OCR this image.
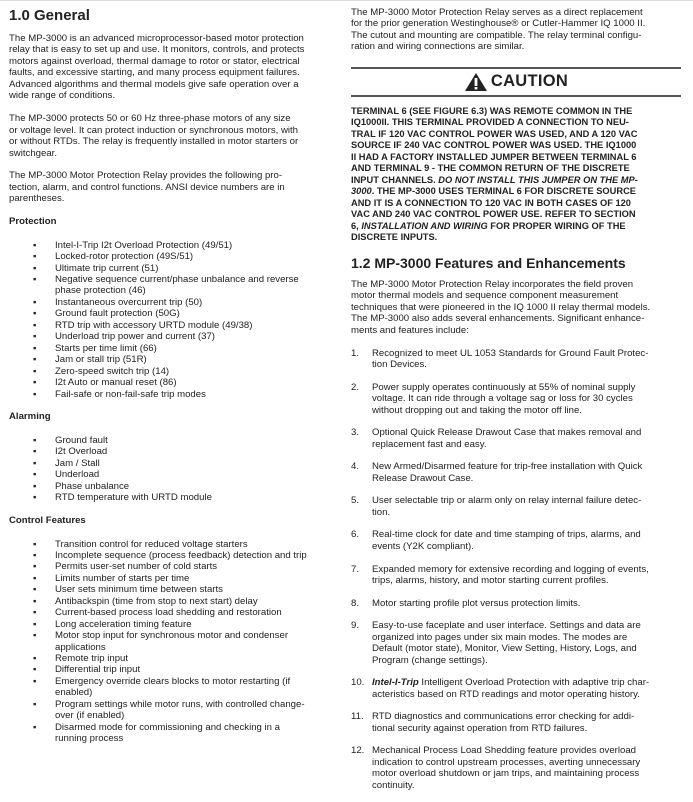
1.0 General

The MP-3000 is an advanced microprocessor-based motor protection
relay that is easy to set up and use. It monitors, controls, and protects
motors against overload, thermal damage to rotor or stator, electrical
faults, and excessive starting, and many process equipment failures.
Advanced algorithms and thermal models give safe operation over a
wide range of conditions.

The MP-3000 protects 50 or 60 Hz three-phase motors of any size
or voltage level. It can protect induction or synchronous motors, with
or without RTDs. The relay is frequently installed in motor starters or
switchgear.

The MP-3000 Motor Protection Relay provides the following pro-
tection, alarm, and control functions. ANSI device numbers are in
parentheses.

Protection
▪ Intel-I-Trip I2t Overload Protection (49/51)
▪ Locked-rotor protection (49S/51)
▪ Ultimate trip current (51)
▪ Negative sequence current/phase unbalance and reverse
phase protection (46)
▪ Instantaneous overcurrent trip (50)
▪ Ground fault protection (50G)
▪ RTD trip with accessory URTD module (49/38)
▪ Underload trip power and current (37)
▪ Starts per time limit (66)
▪ Jam or stall trip (51R)
▪ Zero-speed switch trip (14)
▪ I2t Auto or manual reset (86)
▪ Fail-safe or non-fail-safe trip modes
Alarming
▪ Ground fault
▪ I2t Overload
▪ Jam / Stall
▪ Underload
▪ Phase unbalance
▪ RTD temperature with URTD module
Control Features
▪ Transition control for reduced voltage starters
▪ Incomplete sequence (process feedback) detection and trip
▪ Permits user-set number of cold starts
▪ Limits number of starts per time
▪ User sets minimum time between starts
▪ Antibackspin (time from stop to next start) delay
▪ Current-based process load shedding and restoration
▪ Long acceleration timing feature
▪ Motor stop input for synchronous motor and condenser
applications
▪ Remote trip input
▪ Differential trip input
▪ Emergency override clears blocks to motor restarting (if
enabled)
▪ Program settings while motor runs, with controlled change-
over (if enabled)
▪ Disarmed mode for commissioning and checking in a
running process

The MP-3000 Motor Protection Relay serves as a direct replacement
for the prior generation Westinghouse® or Cutler-Hammer IQ 1000 II.
The cutout and mounting are compatible. The relay terminal configu-
ration and wiring connections are similar.

CAUTION
TERMINAL 6 (SEE FIGURE 6.3) WAS REMOTE COMMON IN THE
IQ1000II. THIS TERMINAL PROVIDED A CONNECTION TO NEU-
TRAL IF 120 VAC CONTROL POWER WAS USED, AND A 120 VAC
SOURCE IF 240 VAC CONTROL POWER WAS USED. THE IQ1000
II HAD A FACTORY INSTALLED JUMPER BETWEEN TERMINAL 6
AND TERMINAL 9 - THE COMMON RETURN OF THE DISCRETE
INPUT CHANNELS. DO NOT INSTALL THIS JUMPER ON THE MP-
3000. THE MP-3000 USES TERMINAL 6 FOR DISCRETE SOURCE
AND IT IS A CONNECTION TO 120 VAC IN BOTH CASES OF 120
VAC AND 240 VAC CONTROL POWER USE. REFER TO SECTION
6, INSTALLATION AND WIRING FOR PROPER WIRING OF THE
DISCRETE INPUTS.
1.2 MP-3000 Features and Enhancements

The MP-3000 Motor Protection Relay incorporates the field proven
motor thermal models and sequence component measurement
techniques that were pioneered in the IQ 1000 II relay thermal models.
The MP-3000 also adds several enhancements. Significant enhance-
ments and features include:

1. Recognized to meet UL 1053 Standards for Ground Fault Protec-
tion Devices.
2. Power supply operates continuously at 55% of nominal supply
voltage. It can ride through a voltage sag or loss for 30 cycles
without dropping out and taking the motor off line.
3. Optional Quick Release Drawout Case that makes removal and
replacement fast and easy.
4. New Armed/Disarmed feature for trip-free installation with Quick
Release Drawout Case.
5. User selectable trip or alarm only on relay internal failure detec-
tion.
6. Real-time clock for date and time stamping of trips, alarms, and
events (Y2K compliant).
7. Expanded memory for extensive recording and logging of events,
trips, alarms, history, and motor starting current profiles.
8. Motor starting profile plot versus protection limits.
9. Easy-to-use faceplate and user interface. Settings and data are
organized into pages under six main modes. The modes are
Default (motor state), Monitor, View Setting, History, Logs, and
Program (change settings).
10. Intel-I-Trip Intelligent Overload Protection with adaptive trip char-
acteristics based on RTD readings and motor operating history.
11. RTD diagnostics and communications error checking for addi-
tional security against operation from RTD failures.
12. Mechanical Process Load Shedding feature provides overload
indication to control upstream processes, averting unnecessary
motor overload shutdown or jam trips, and maintaining process
continuity.
